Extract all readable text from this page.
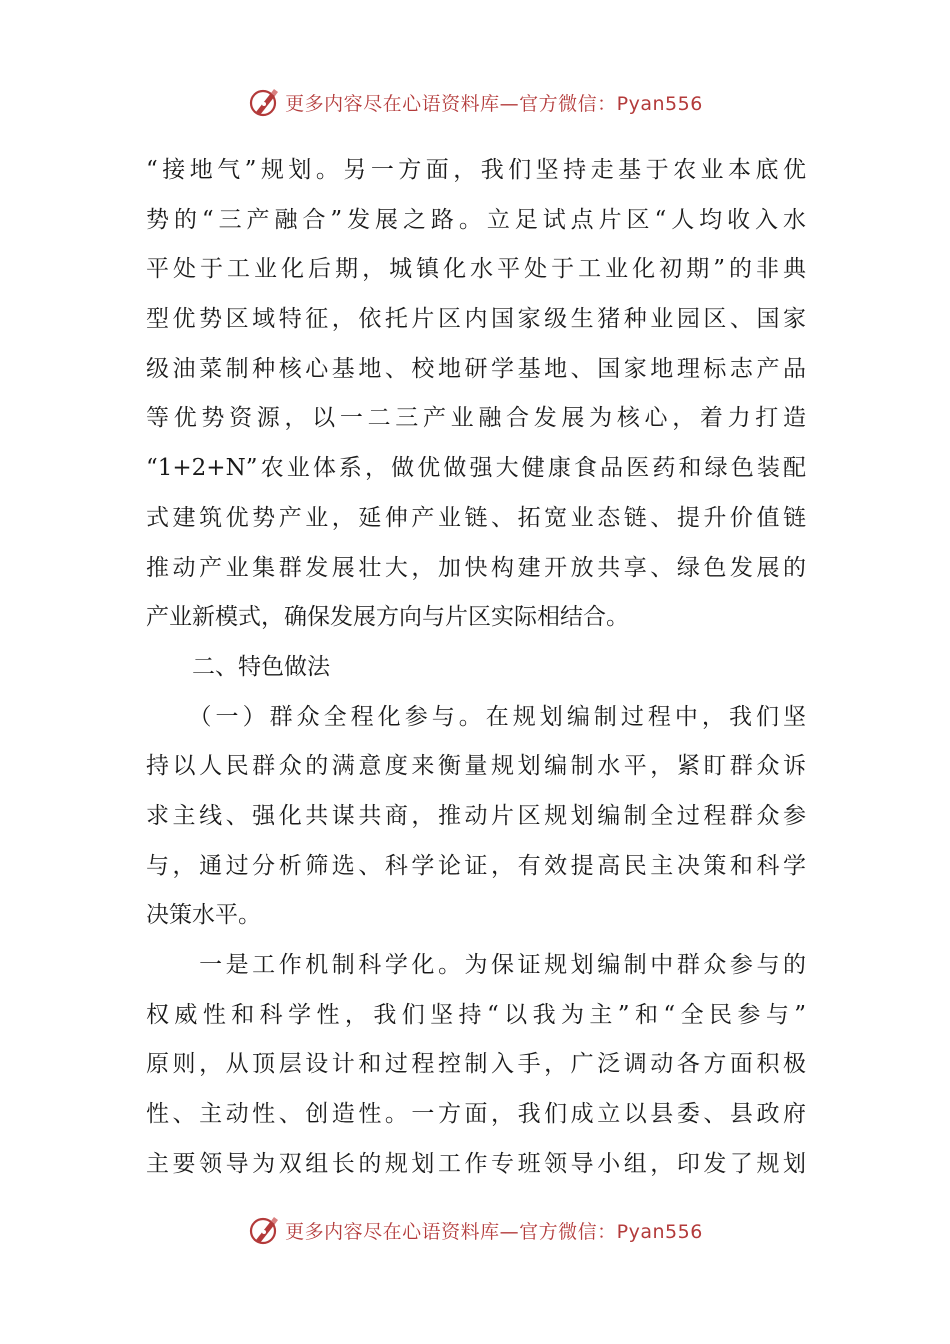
更多内容尽在心语资料库—官方微信：Pyan556
“接地气”规划。另一方面，我们坚持走基于农业本底优
势的“三产融合”发展之路。立足试点片区“人均收入水
平处于工业化后期，城镇化水平处于工业化初期”的非典
型优势区域特征，依托片区内国家级生猪种业园区、国家
级油菜制种核心基地、校地研学基地、国家地理标志产品
等优势资源，以一二三产业融合发展为核心，着力打造
“1+2+N”农业体系，做优做强大健康食品医药和绿色装配
式建筑优势产业，延伸产业链、拓宽业态链、提升价值链
推动产业集群发展壮大，加快构建开放共享、绿色发展的
产业新模式，确保发展方向与片区实际相结合。
　　二、特色做法
　　（一）群众全程化参与。在规划编制过程中，我们坚
持以人民群众的满意度来衡量规划编制水平，紧盯群众诉
求主线、强化共谋共商，推动片区规划编制全过程群众参
与，通过分析筛选、科学论证，有效提高民主决策和科学
决策水平。
　　一是工作机制科学化。为保证规划编制中群众参与的
权威性和科学性，我们坚持“以我为主”和“全民参与”
原则，从顶层设计和过程控制入手，广泛调动各方面积极
性、主动性、创造性。一方面，我们成立以县委、县政府
主要领导为双组长的规划工作专班领导小组，印发了规划
更多内容尽在心语资料库—官方微信：Pyan556
